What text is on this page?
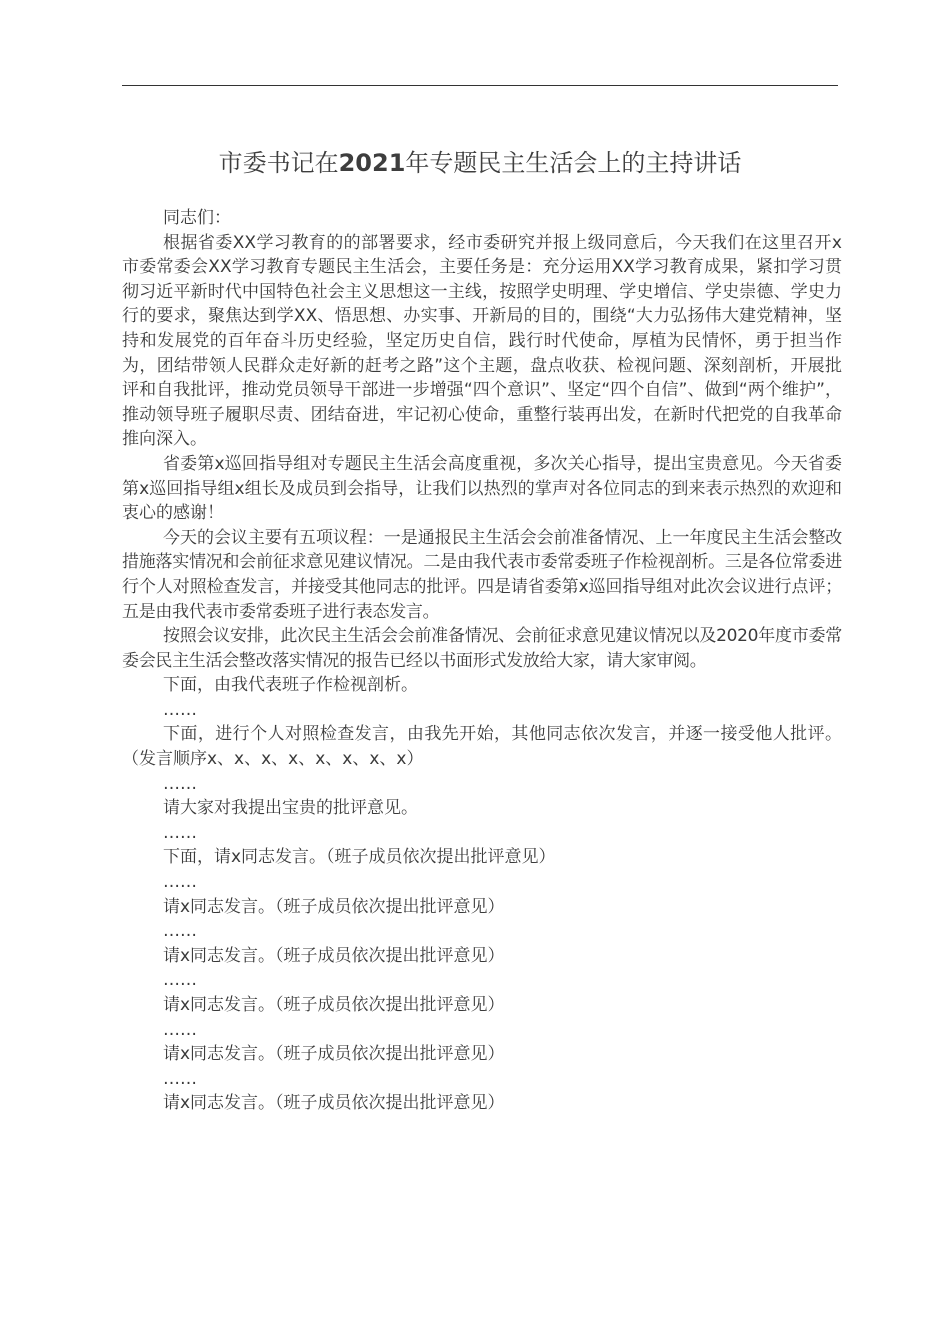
市委书记在2021年专题民主生活会上的主持讲话

同志们：

根据省委XX学习教育的的部署要求，经市委研究并报上级同意后，今天我们在这里召开x市委常委会XX学习教育专题民主生活会，主要任务是：充分运用XX学习教育成果，紧扣学习贯彻习近平新时代中国特色社会主义思想这一主线，按照学史明理、学史增信、学史崇德、学史力行的要求，聚焦达到学XX、悟思想、办实事、开新局的目的，围绕“大力弘扬伟大建党精神，坚持和发展党的百年奋斗历史经验，坚定历史自信，践行时代使命，厚植为民情怀，勇于担当作为，团结带领人民群众走好新的赶考之路”这个主题，盘点收获、检视问题、深刻剖析，开展批评和自我批评，推动党员领导干部进一步增强“四个意识”、坚定“四个自信”、做到“两个维护”，推动领导班子履职尽责、团结奋进，牢记初心使命，重整行装再出发，在新时代把党的自我革命推向深入。

省委第x巡回指导组对专题民主生活会高度重视，多次关心指导，提出宝贵意见。今天省委第x巡回指导组x组长及成员到会指导，让我们以热烈的掌声对各位同志的到来表示热烈的欢迎和衷心的感谢！

今天的会议主要有五项议程：一是通报民主生活会会前准备情况、上一年度民主生活会整改措施落实情况和会前征求意见建议情况。二是由我代表市委常委班子作检视剖析。三是各位常委进行个人对照检查发言，并接受其他同志的批评。四是请省委第x巡回指导组对此次会议进行点评；五是由我代表市委常委班子进行表态发言。

按照会议安排，此次民主生活会会前准备情况、会前征求意见建议情况以及2020年度市委常委会民主生活会整改落实情况的报告已经以书面形式发放给大家，请大家审阅。

下面，由我代表班子作检视剖析。

……

下面，进行个人对照检查发言，由我先开始，其他同志依次发言，并逐一接受他人批评。（发言顺序x、x、x、x、x、x、x、x）

……

请大家对我提出宝贵的批评意见。

……

下面，请x同志发言。（班子成员依次提出批评意见）

……

请x同志发言。（班子成员依次提出批评意见）

……

请x同志发言。（班子成员依次提出批评意见）

……

请x同志发言。（班子成员依次提出批评意见）

……

请x同志发言。（班子成员依次提出批评意见）

……

请x同志发言。（班子成员依次提出批评意见）
